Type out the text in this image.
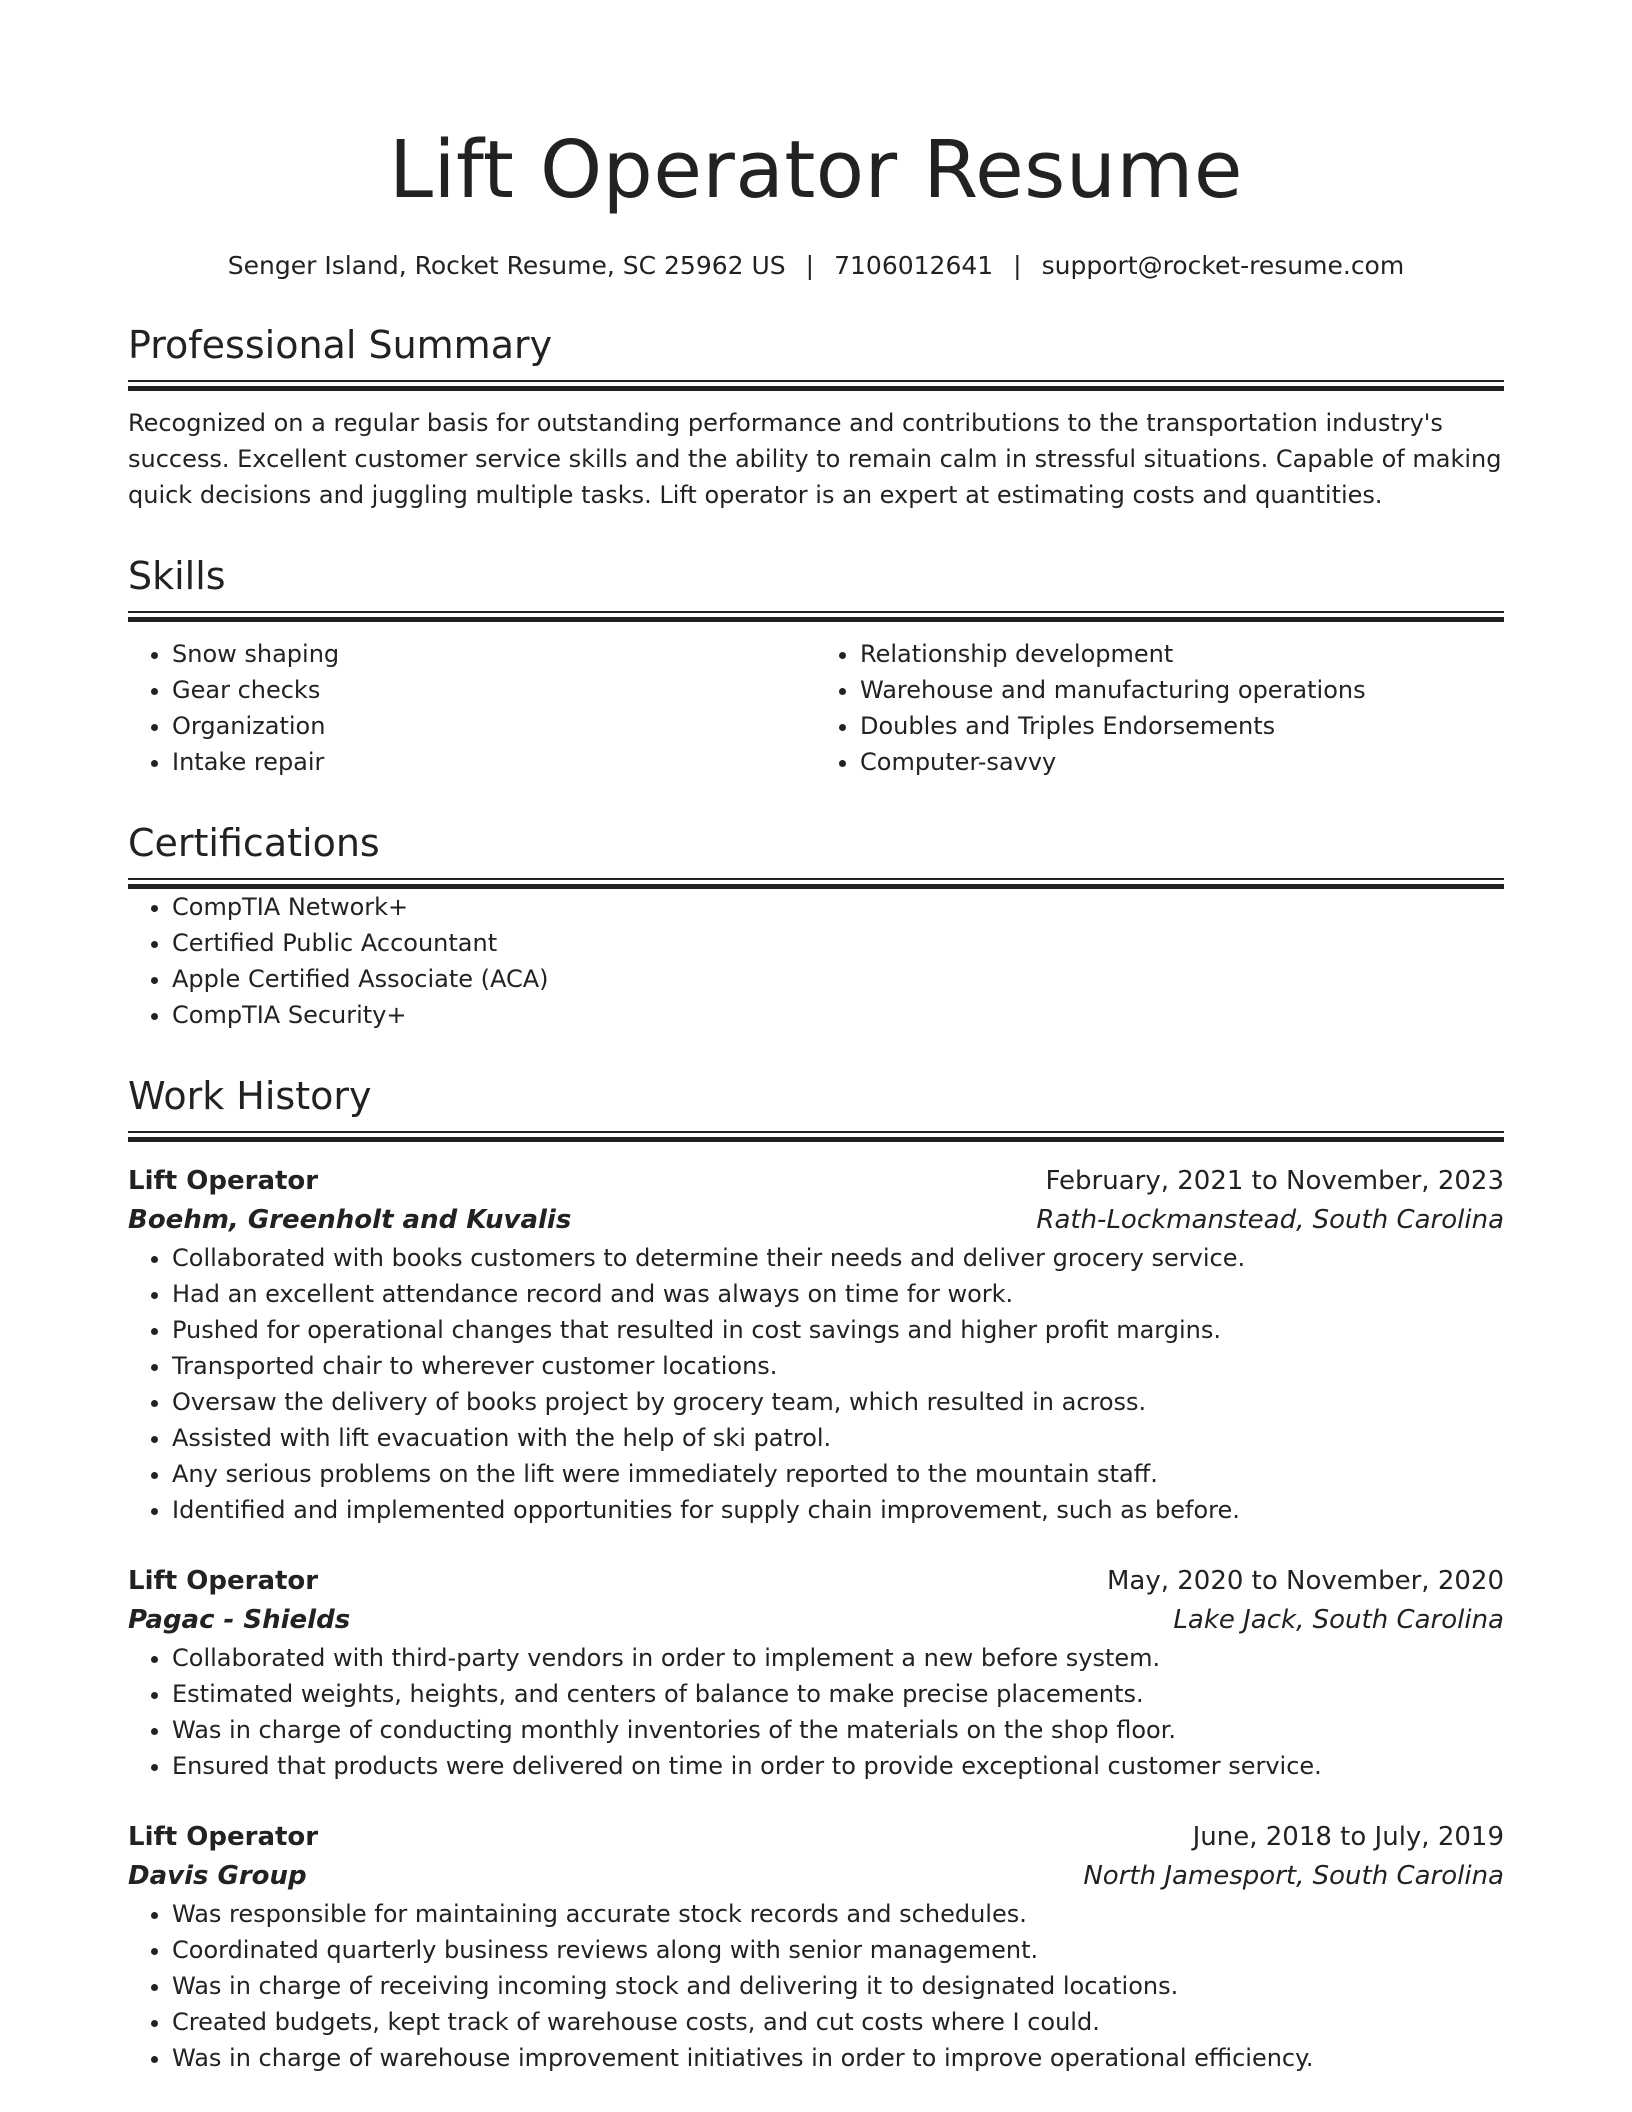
Lift Operator Resume
Senger Island, Rocket Resume, SC 25962 US | 7106012641 | support@rocket-resume.com
Professional Summary

Recognized on a regular basis for outstanding performance and contributions to the transportation industry's success. Excellent customer service skills and the ability to remain calm in stressful situations. Capable of making quick decisions and juggling multiple tasks. Lift operator is an expert at estimating costs and quantities.

Skills
• Snow shaping
• Gear checks
• Organization
• Intake repair
• Relationship development
• Warehouse and manufacturing operations
• Doubles and Triples Endorsements
• Computer-savvy
Certifications
• CompTIA Network+
• Certified Public Accountant
• Apple Certified Associate (ACA)
• CompTIA Security+
Work History
Lift Operator	February, 2021 to November, 2023
Boehm, Greenholt and Kuvalis	Rath-Lockmanstead, South Carolina
• Collaborated with books customers to determine their needs and deliver grocery service.
• Had an excellent attendance record and was always on time for work.
• Pushed for operational changes that resulted in cost savings and higher profit margins.
• Transported chair to wherever customer locations.
• Oversaw the delivery of books project by grocery team, which resulted in across.
• Assisted with lift evacuation with the help of ski patrol.
• Any serious problems on the lift were immediately reported to the mountain staff.
• Identified and implemented opportunities for supply chain improvement, such as before.
Lift Operator	May, 2020 to November, 2020
Pagac - Shields	Lake Jack, South Carolina
• Collaborated with third-party vendors in order to implement a new before system.
• Estimated weights, heights, and centers of balance to make precise placements.
• Was in charge of conducting monthly inventories of the materials on the shop floor.
• Ensured that products were delivered on time in order to provide exceptional customer service.
Lift Operator	June, 2018 to July, 2019
Davis Group	North Jamesport, South Carolina
• Was responsible for maintaining accurate stock records and schedules.
• Coordinated quarterly business reviews along with senior management.
• Was in charge of receiving incoming stock and delivering it to designated locations.
• Created budgets, kept track of warehouse costs, and cut costs where I could.
• Was in charge of warehouse improvement initiatives in order to improve operational efficiency.
